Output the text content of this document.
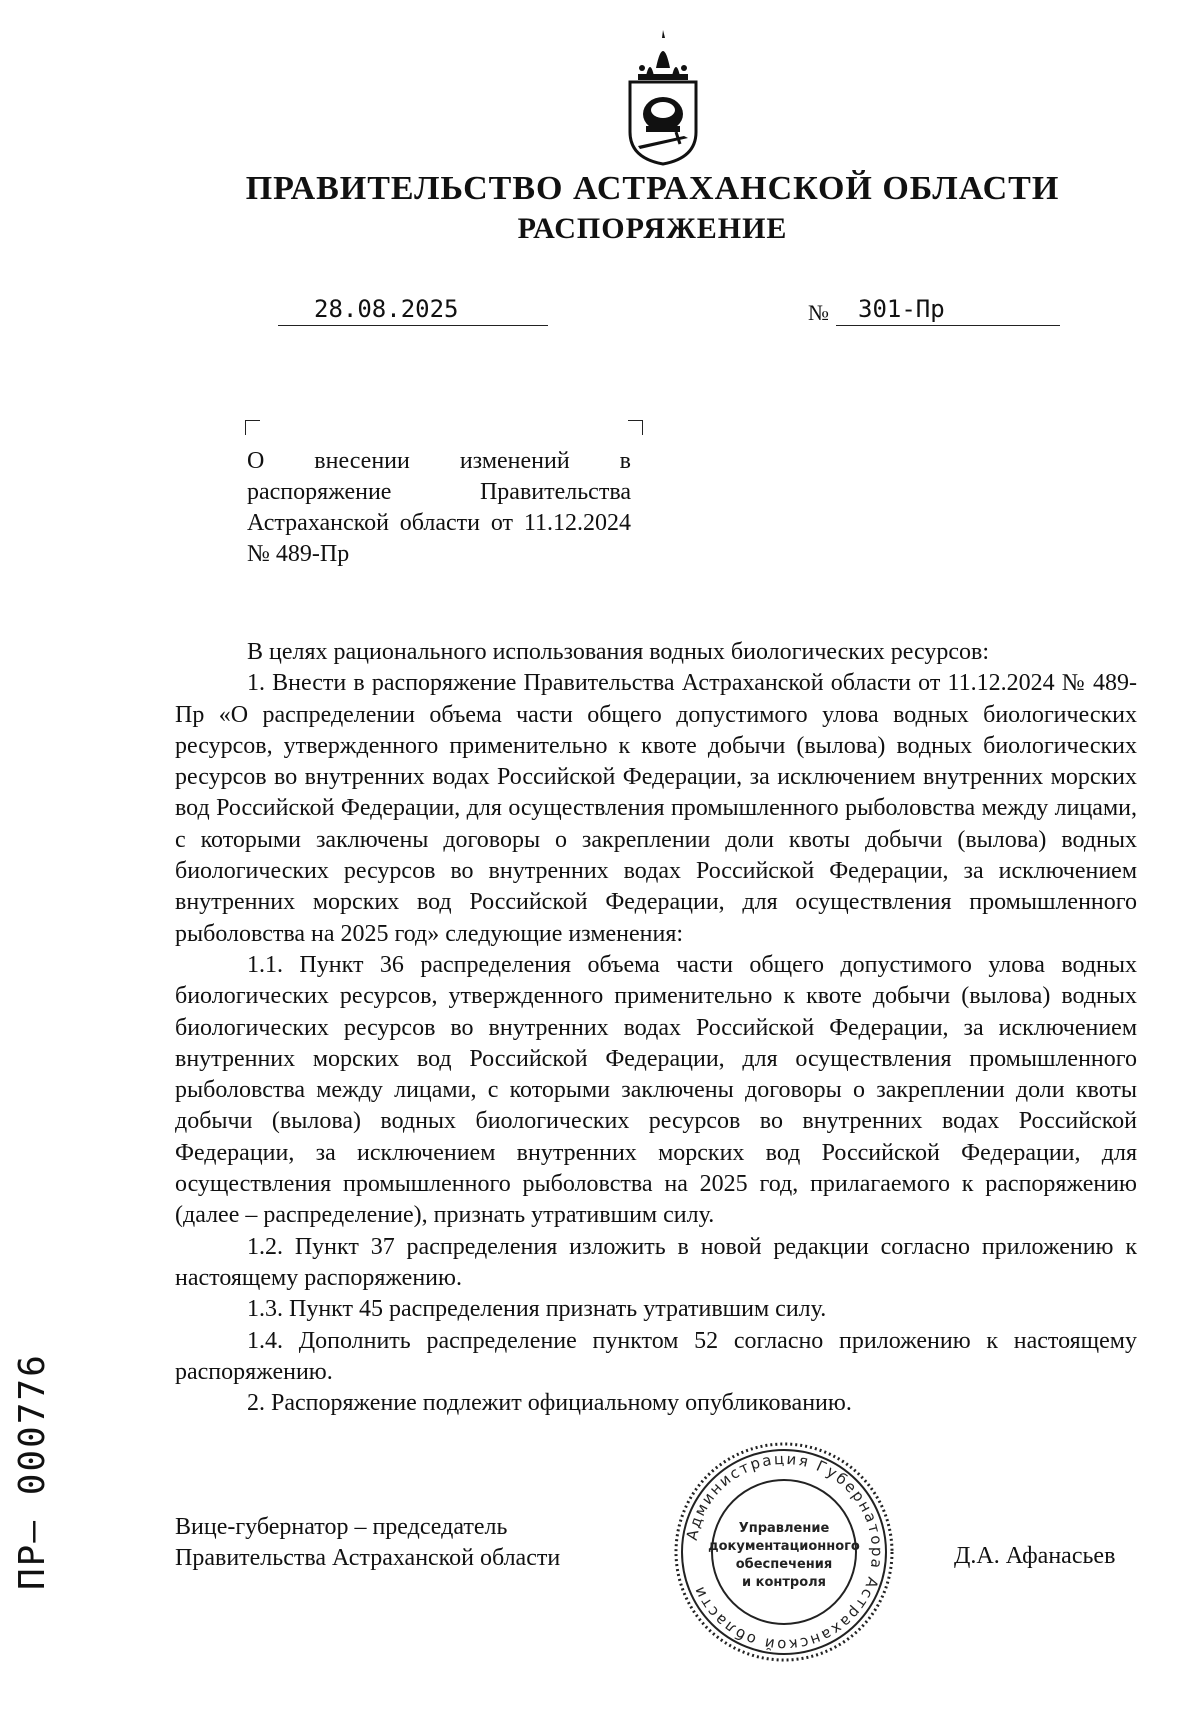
ПРАВИТЕЛЬСТВО АСТРАХАНСКОЙ ОБЛАСТИ
РАСПОРЯЖЕНИЕ
28.08.2025	№	301-Пр

О внесении изменений в распоряжение Правительства Астраханской области от 11.12.2024 № 489-Пр

В целях рационального использования водных биологических ресурсов:

1. Внести в распоряжение Правительства Астраханской области от 11.12.2024 № 489-Пр «О распределении объема части общего допустимого улова водных биологических ресурсов, утвержденного применительно к квоте добычи (вылова) водных биологических ресурсов во внутренних водах Российской Федерации, за исключением внутренних морских вод Российской Федерации, для осуществления промышленного рыболовства между лицами, с которыми заключены договоры о закреплении доли квоты добычи (вылова) водных биологических ресурсов во внутренних водах Российской Федерации, за исключением внутренних морских вод Российской Федерации, для осуществления промышленного рыболовства на 2025 год» следующие изменения:

1.1. Пункт 36 распределения объема части общего допустимого улова водных биологических ресурсов, утвержденного применительно к квоте добычи (вылова) водных биологических ресурсов во внутренних водах Российской Федерации, за исключением внутренних морских вод Российской Федерации, для осуществления промышленного рыболовства между лицами, с которыми заключены договоры о закреплении доли квоты добычи (вылова) водных биологических ресурсов во внутренних водах Российской Федерации, за исключением внутренних морских вод Российской Федерации, для осуществления промышленного рыболовства на 2025 год, прилагаемого к распоряжению (далее – распределение), признать утратившим силу.

1.2. Пункт 37 распределения изложить в новой редакции согласно приложению к настоящему распоряжению.

1.3. Пункт 45 распределения признать утратившим силу.

1.4. Дополнить распределение пунктом 52 согласно приложению к настоящему распоряжению.

2. Распоряжение подлежит официальному опубликованию.

Вице-губернатор – председатель
Правительства Астраханской области	Д.А. Афанасьев
Администрация Губернатора Астраханской области
Управление
документационного
обеспечения
и контроля
ПР– 000776
